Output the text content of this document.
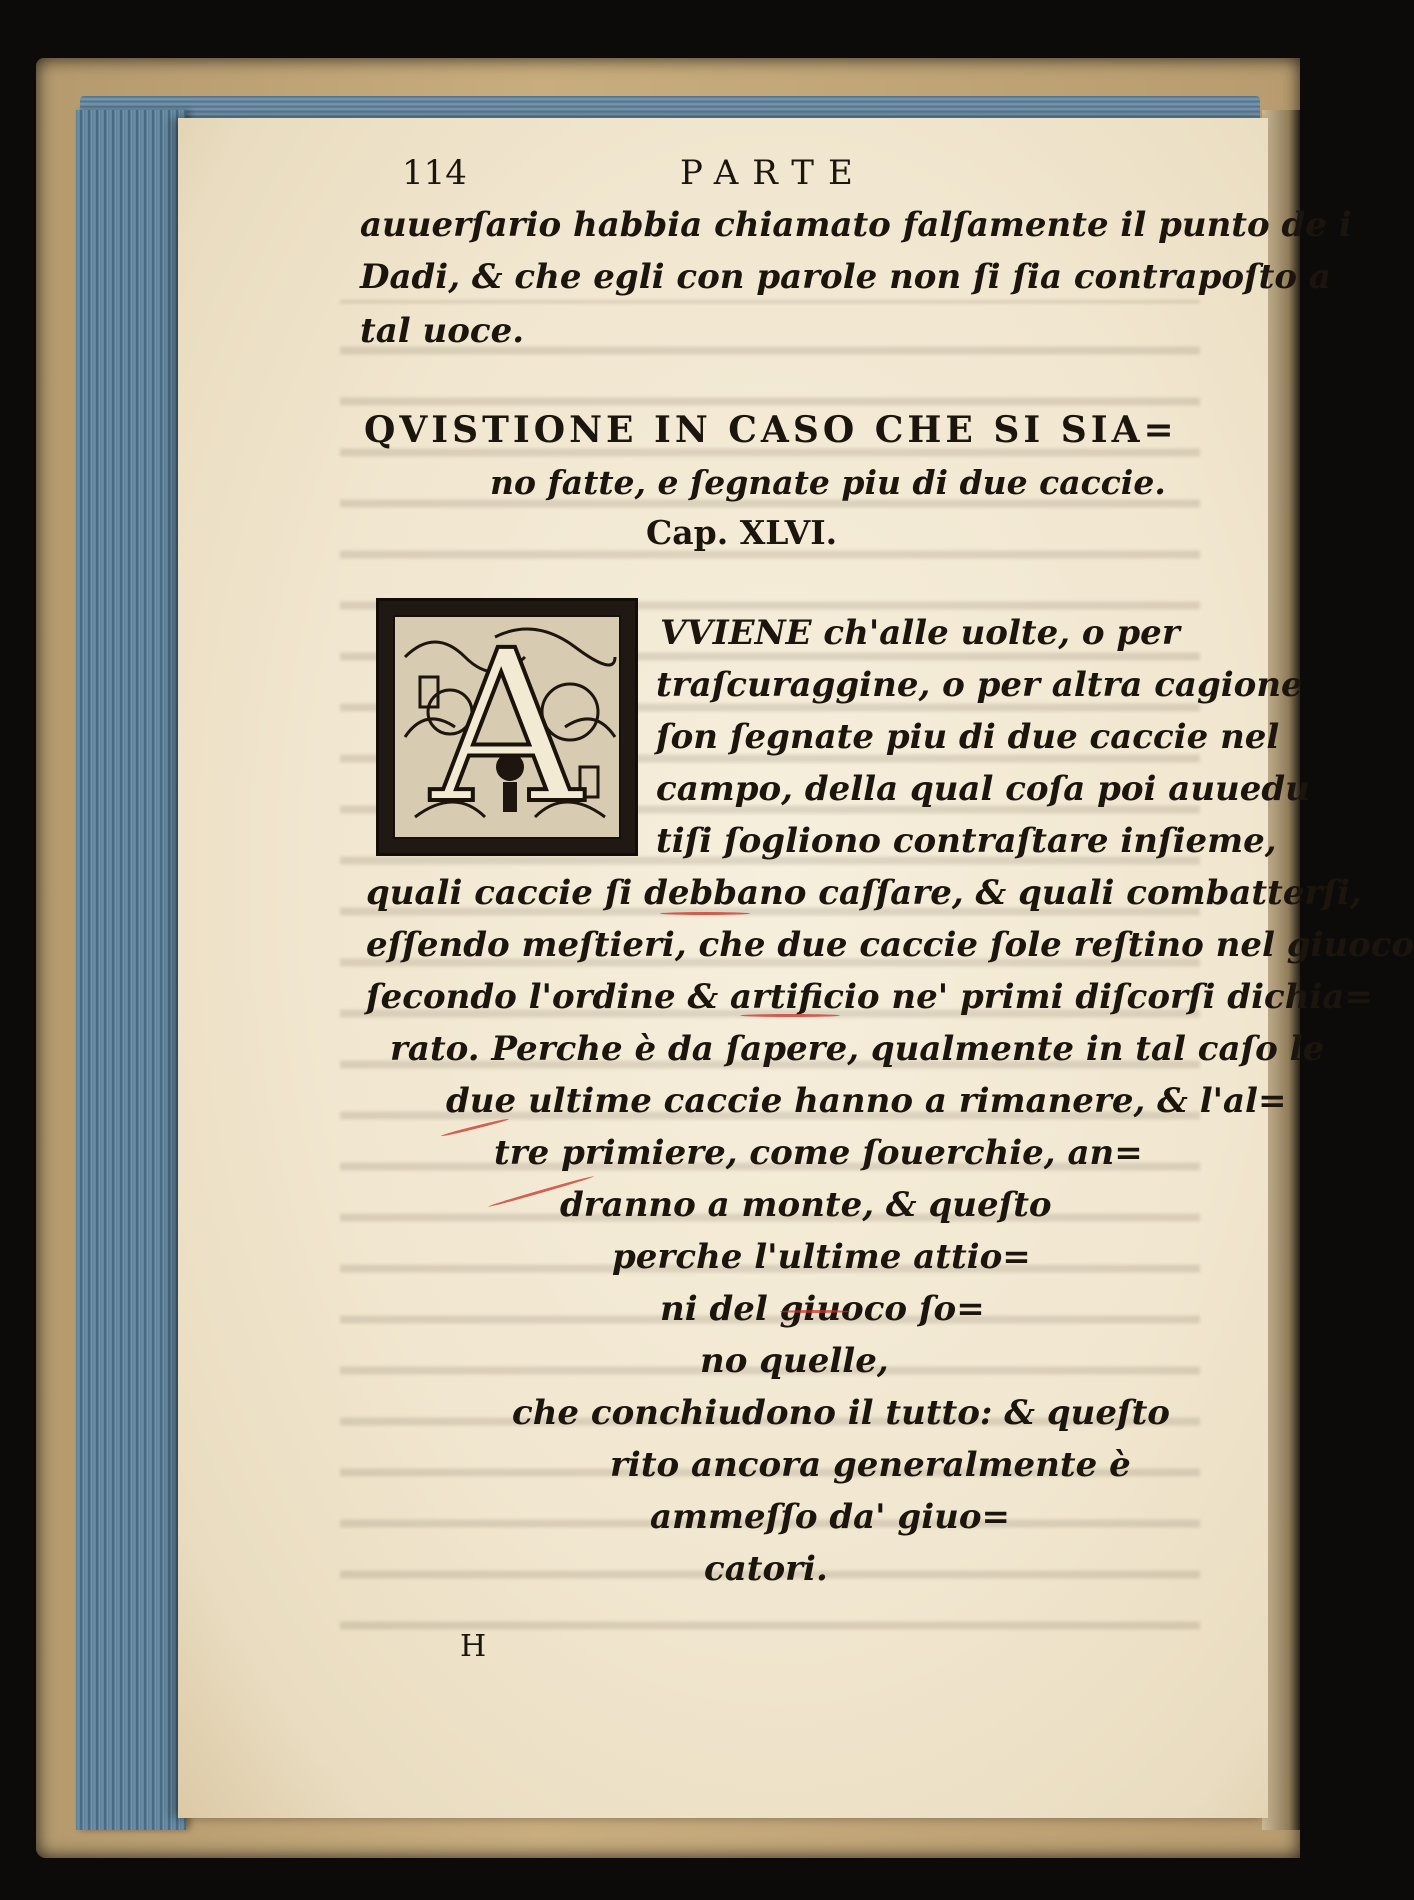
114	PARTE
auuerſario habbia chiamato falſamente il punto de i
Dadi, & che egli con parole non ſi ſia contrapoſto a
tal uoce.
QVISTIONE IN CASO CHE SI SIA=
no fatte, e ſegnate piu di due caccie.
Cap. XLVI.
A VVIENE ch'alle uolte, o per
traſcuraggine, o per altra cagione
ſon ſegnate piu di due caccie nel
campo, della qual coſa poi auuedu
tiſi ſogliono contraſtare inſieme,
quali caccie ſi debbano caſſare, & quali combatterſi,
eſſendo meſtieri, che due caccie ſole reſtino nel giuoco
ſecondo l'ordine & artificio ne' primi diſcorſi dichia=
rato. Perche è da ſapere, qualmente in tal caſo le
due ultime caccie hanno a rimanere, & l'al=
tre primiere, come ſouerchie, an=
dranno a monte, & queſto
perche l'ultime attio=
ni del giuoco ſo=
no quelle,
che conchiudono il tutto: & queſto
rito ancora generalmente è
ammeſſo da' giuo=
catori.
H
